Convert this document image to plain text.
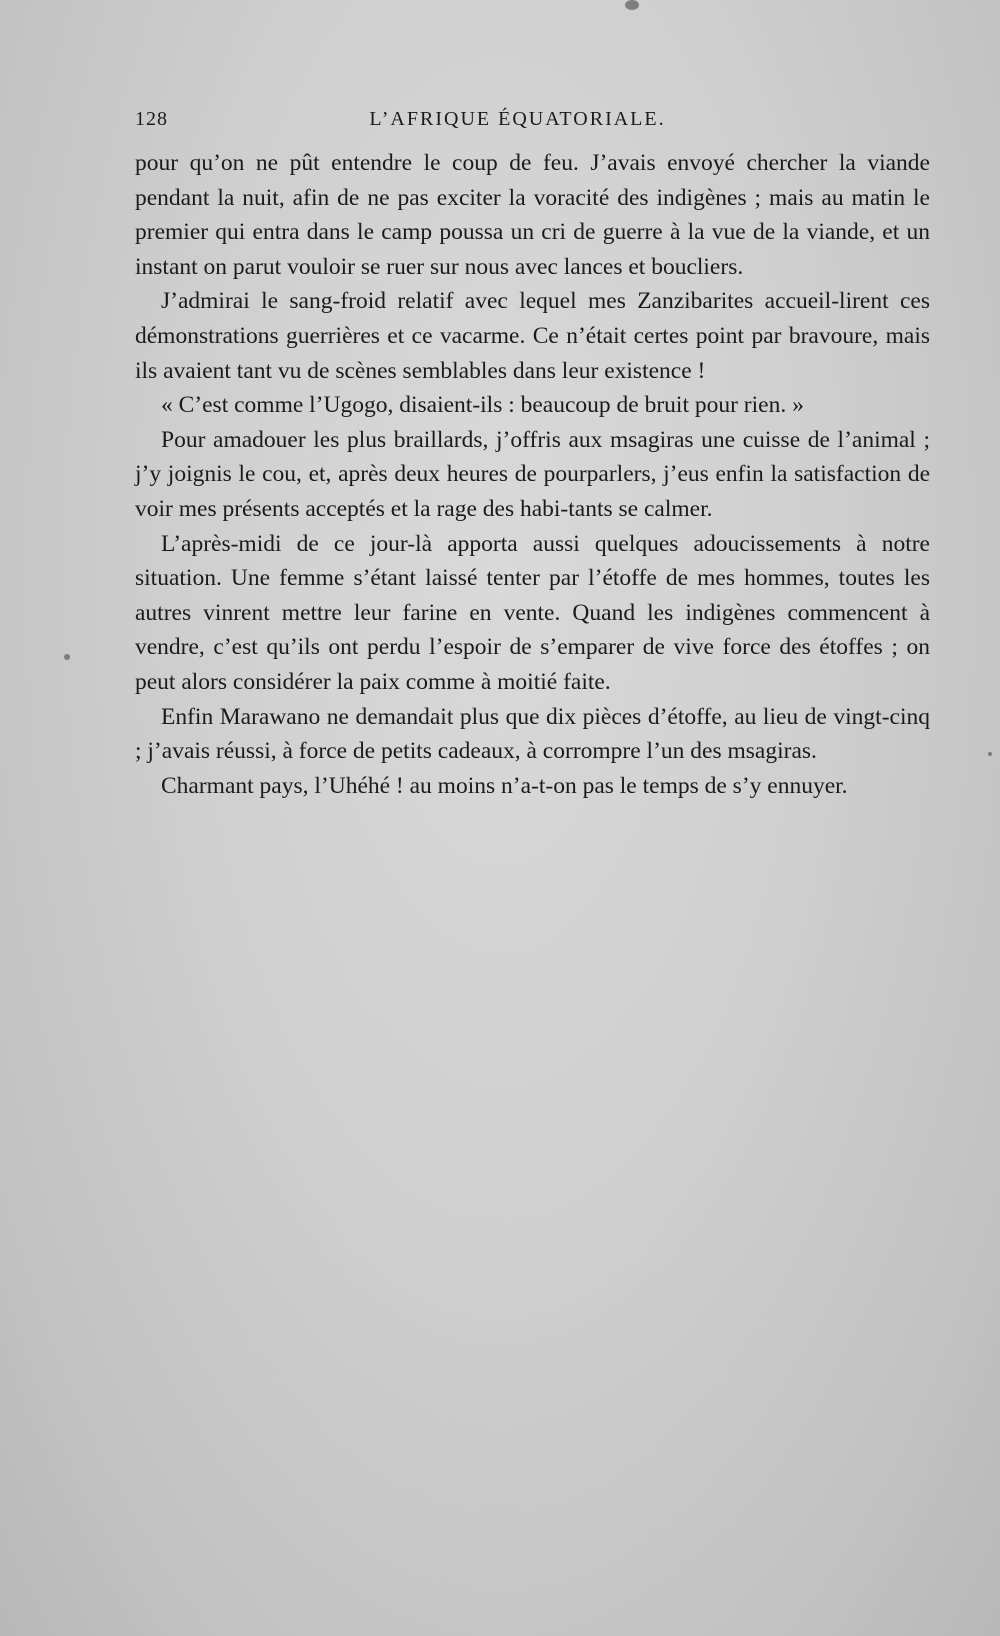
128	L’AFRIQUE ÉQUATORIALE.

pour qu’on ne pût entendre le coup de feu. J’avais envoyé chercher la viande pendant la nuit, afin de ne pas exciter la voracité des indigènes ; mais au matin le premier qui entra dans le camp poussa un cri de guerre à la vue de la viande, et un instant on parut vouloir se ruer sur nous avec lances et boucliers.

J’admirai le sang-froid relatif avec lequel mes Zanzibarites accueil-lirent ces démonstrations guerrières et ce vacarme. Ce n’était certes point par bravoure, mais ils avaient tant vu de scènes semblables dans leur existence !

« C’est comme l’Ugogo, disaient-ils : beaucoup de bruit pour rien. »

Pour amadouer les plus braillards, j’offris aux msagiras une cuisse de l’animal ; j’y joignis le cou, et, après deux heures de pourparlers, j’eus enfin la satisfaction de voir mes présents acceptés et la rage des habi-tants se calmer.

L’après-midi de ce jour-là apporta aussi quelques adoucissements à notre situation. Une femme s’étant laissé tenter par l’étoffe de mes hommes, toutes les autres vinrent mettre leur farine en vente. Quand les indigènes commencent à vendre, c’est qu’ils ont perdu l’espoir de s’emparer de vive force des étoffes ; on peut alors considérer la paix comme à moitié faite.

Enfin Marawano ne demandait plus que dix pièces d’étoffe, au lieu de vingt-cinq ; j’avais réussi, à force de petits cadeaux, à corrompre l’un des msagiras.

Charmant pays, l’Uhéhé ! au moins n’a-t-on pas le temps de s’y ennuyer.
